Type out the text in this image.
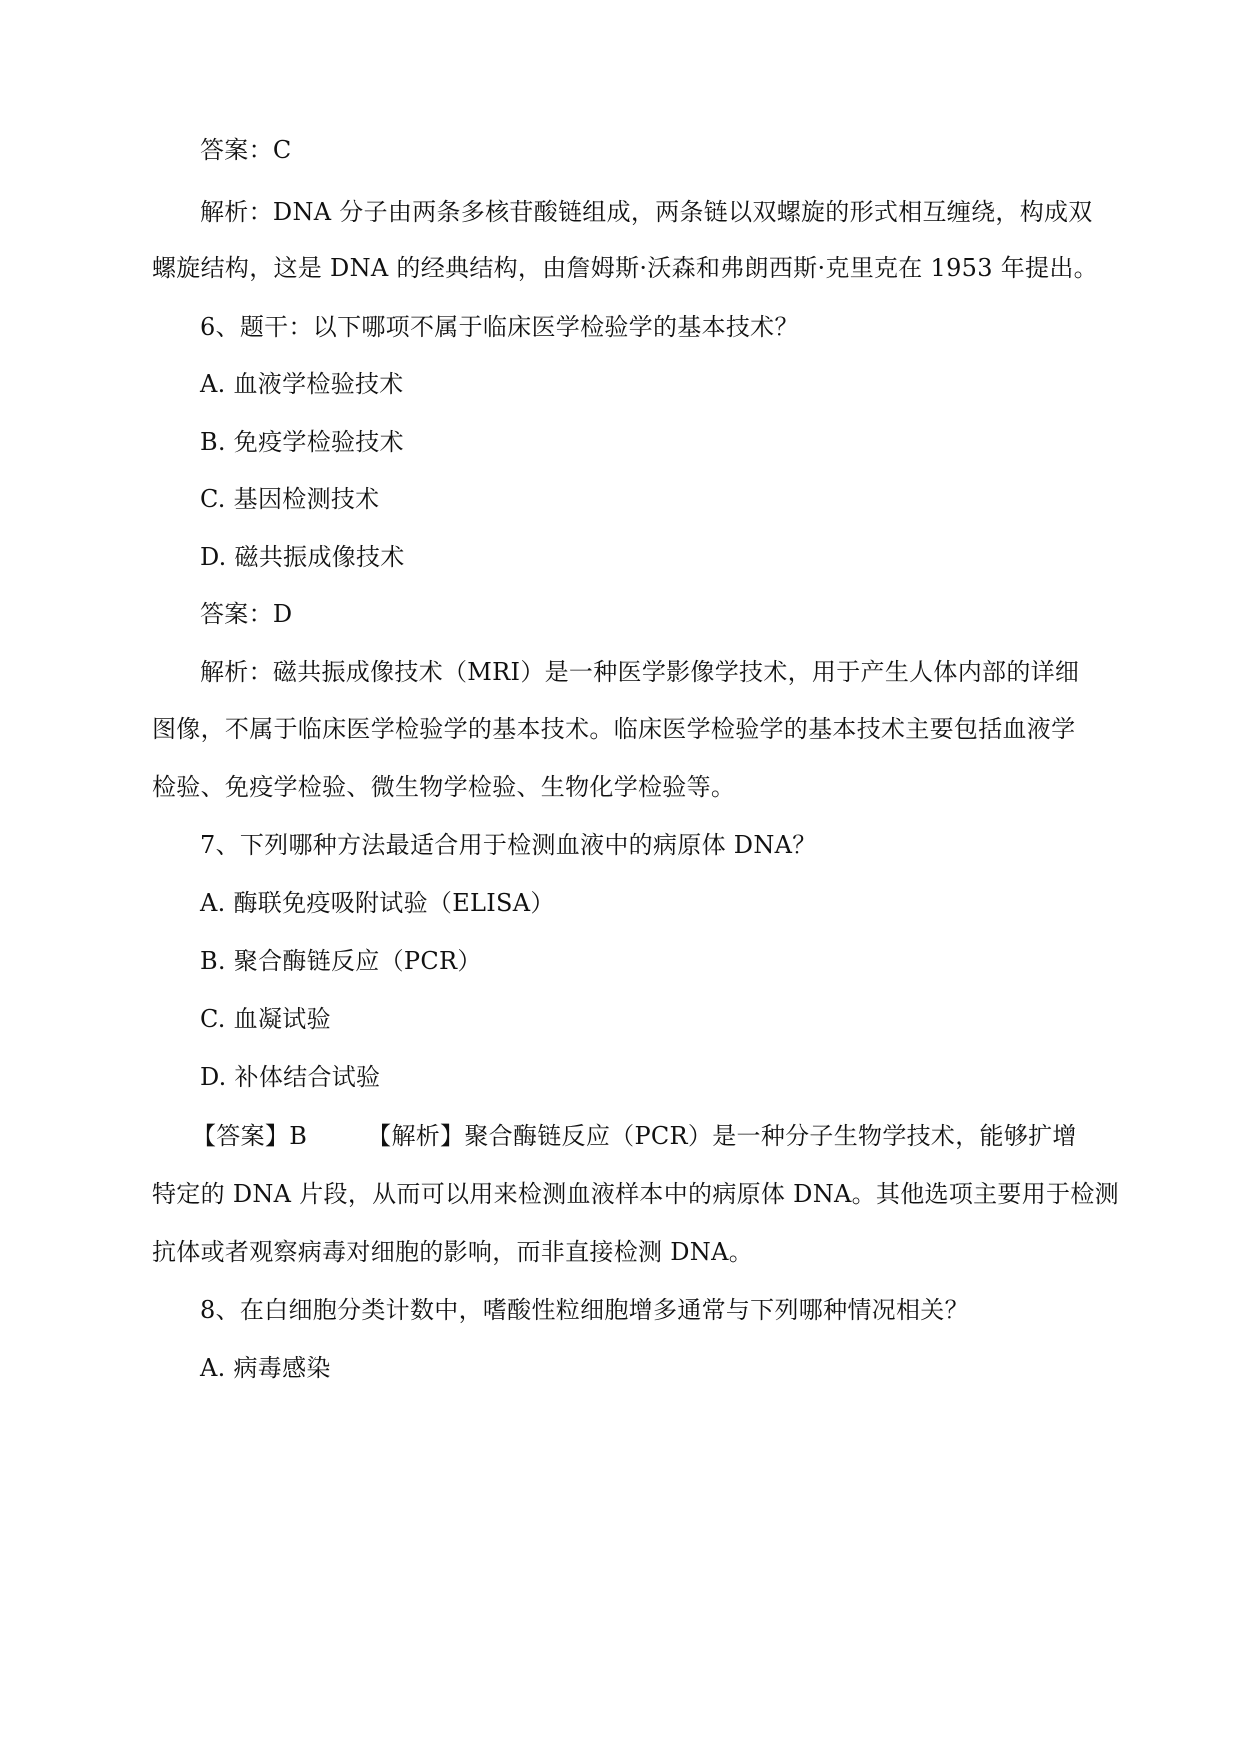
答案：C
解析：DNA 分子由两条多核苷酸链组成，两条链以双螺旋的形式相互缠绕，构成双
螺旋结构，这是 DNA 的经典结构，由詹姆斯·沃森和弗朗西斯·克里克在 1953 年提出。
6、题干：以下哪项不属于临床医学检验学的基本技术？
A. 血液学检验技术
B. 免疫学检验技术
C. 基因检测技术
D. 磁共振成像技术
答案：D
解析：磁共振成像技术（MRI）是一种医学影像学技术，用于产生人体内部的详细
图像，不属于临床医学检验学的基本技术。临床医学检验学的基本技术主要包括血液学
检验、免疫学检验、微生物学检验、生物化学检验等。
7、下列哪种方法最适合用于检测血液中的病原体 DNA？
A. 酶联免疫吸附试验（ELISA）
B. 聚合酶链反应（PCR）
C. 血凝试验
D. 补体结合试验
【答案】B	【解析】聚合酶链反应（PCR）是一种分子生物学技术，能够扩增
特定的 DNA 片段，从而可以用来检测血液样本中的病原体 DNA。其他选项主要用于检测
抗体或者观察病毒对细胞的影响，而非直接检测 DNA。
8、在白细胞分类计数中，嗜酸性粒细胞增多通常与下列哪种情况相关？
A. 病毒感染
